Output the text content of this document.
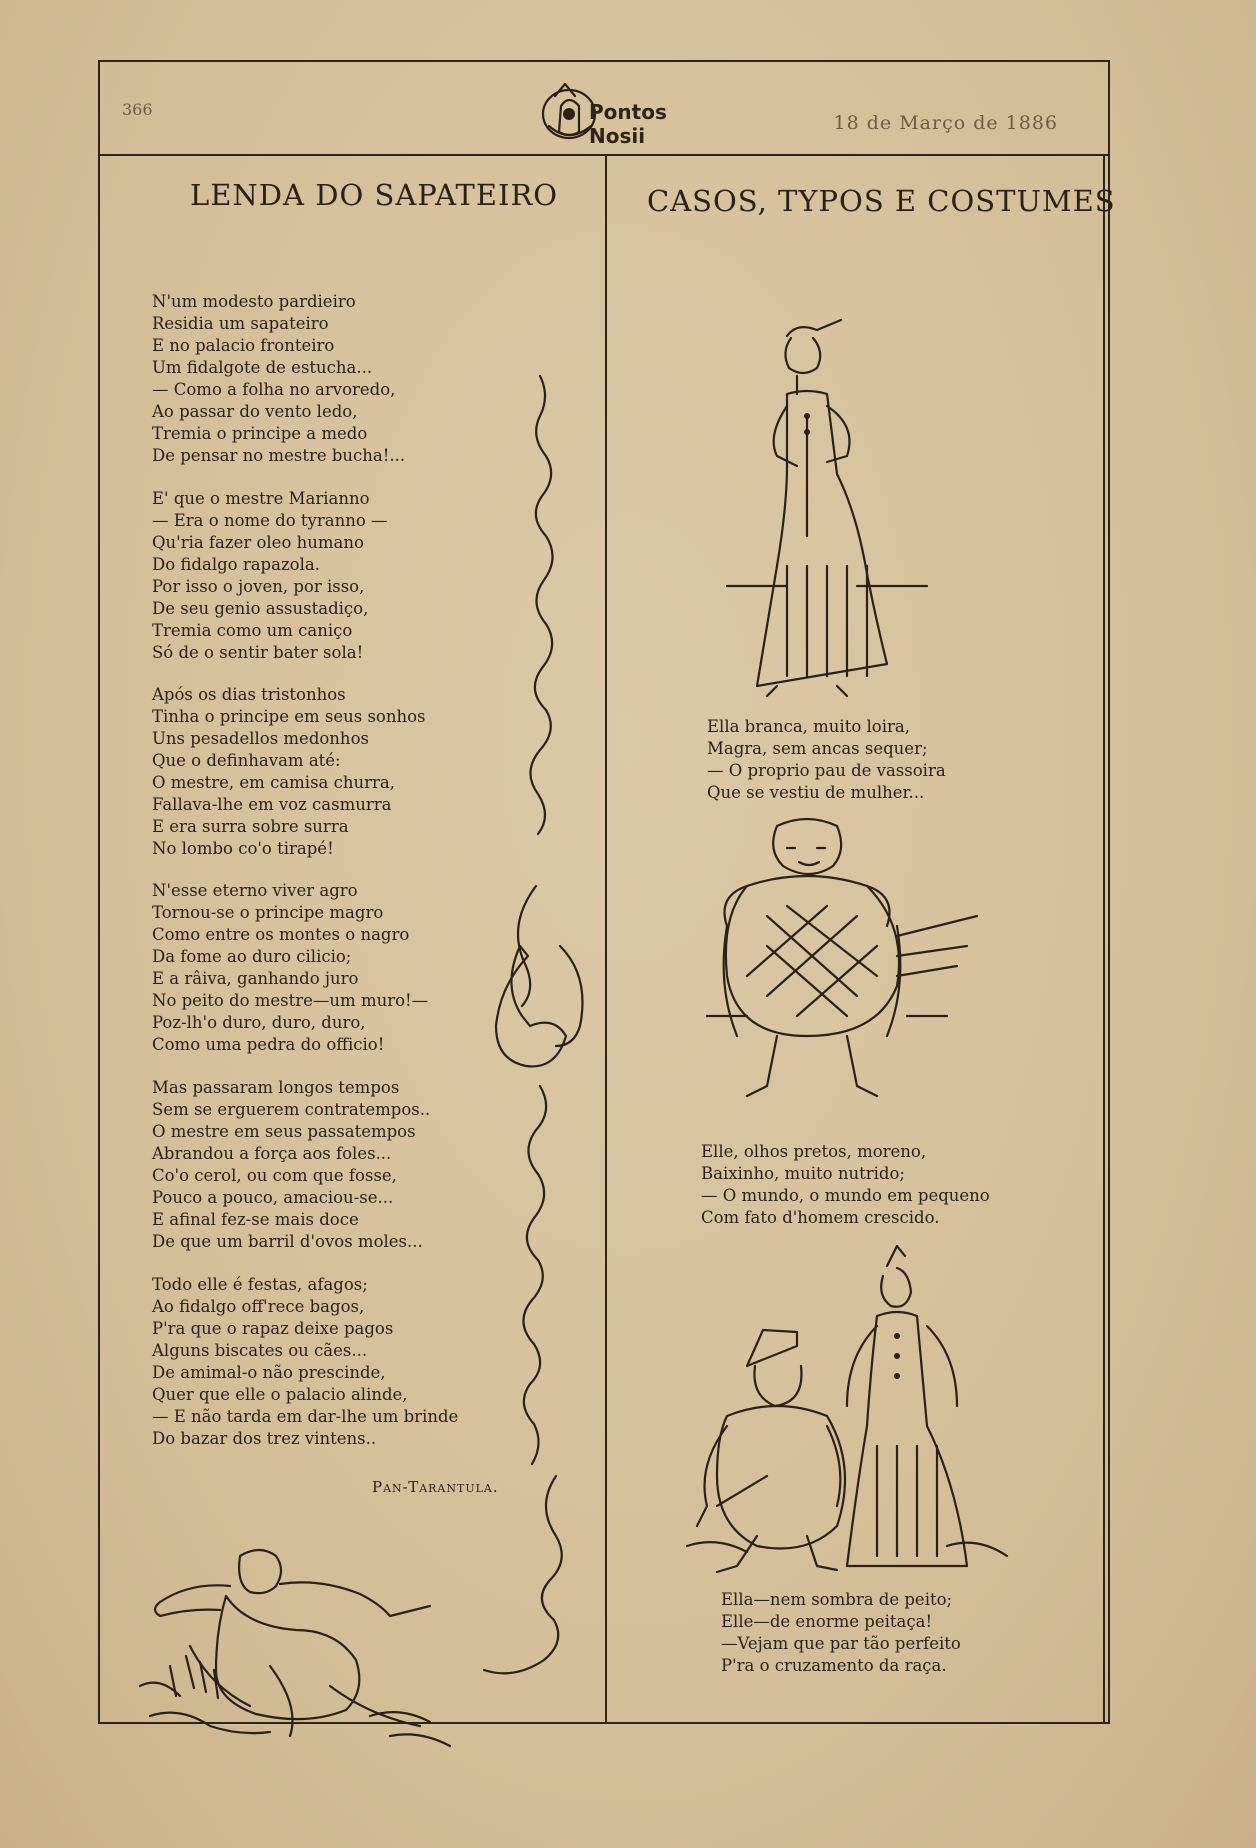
366	Pontos Nosii
18 de Março de 1886
LENDA DO SAPATEIRO
N'um modesto pardieiro
Residia um sapateiro
E no palacio fronteiro
Um fidalgote de estucha...
— Como a folha no arvoredo,
Ao passar do vento ledo,
Tremia o principe a medo
De pensar no mestre bucha!...
E' que o mestre Marianno
— Era o nome do tyranno —
Qu'ria fazer oleo humano
Do fidalgo rapazola.
Por isso o joven, por isso,
De seu genio assustadiço,
Tremia como um caniço
Só de o sentir bater sola!
Após os dias tristonhos
Tinha o principe em seus sonhos
Uns pesadellos medonhos
Que o definhavam até:
O mestre, em camisa churra,
Fallava-lhe em voz casmurra
E era surra sobre surra
No lombo co'o tirapé!
N'esse eterno viver agro
Tornou-se o principe magro
Como entre os montes o nagro
Da fome ao duro cilicio;
E a râiva, ganhando juro
No peito do mestre—um muro!—
Poz-lh'o duro, duro, duro,
Como uma pedra do officio!
Mas passaram longos tempos
Sem se erguerem contratempos..
O mestre em seus passatempos
Abrandou a força aos foles...
Co'o cerol, ou com que fosse,
Pouco a pouco, amaciou-se...
E afinal fez-se mais doce
De que um barril d'ovos moles...
Todo elle é festas, afagos;
Ao fidalgo off'rece bagos,
P'ra que o rapaz deixe pagos
Alguns biscates ou cães...
De amimal-o não prescinde,
Quer que elle o palacio alinde,
— E não tarda em dar-lhe um brinde
Do bazar dos trez vintens..
Pan-Tarantula.
CASOS, TYPOS E COSTUMES
Ella branca, muito loira,
Magra, sem ancas sequer;
— O proprio pau de vassoira
Que se vestiu de mulher...
Elle, olhos pretos, moreno,
Baixinho, muito nutrido;
— O mundo, o mundo em pequeno
Com fato d'homem crescido.
Ella—nem sombra de peito;
Elle—de enorme peitaça!
—Vejam que par tão perfeito
P'ra o cruzamento da raça.
